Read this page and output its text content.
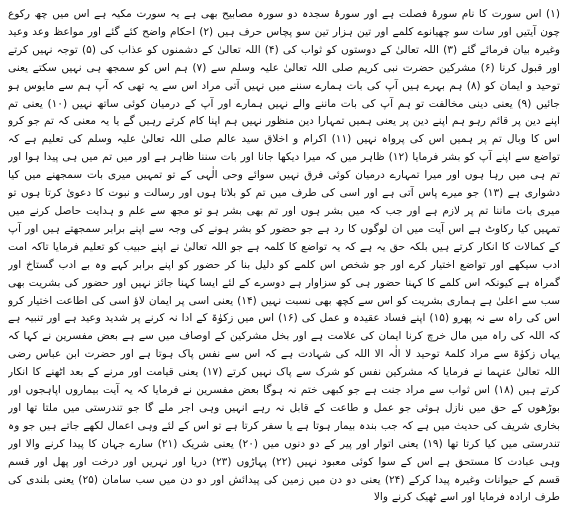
(۱) اس سورت کا نام سورۂ فصلت ہے اور سورۂ سجدہ دو سورہ مصابیح بھی ہے یہ سورت مکیہ ہے اس میں چھ رکوع چون آیتیں اور سات سو چھیانوے کلمے اور تین ہزار تین سو پچاس حرف ہیں (۲) احکام واضح کئے گئے اور مواعظ وعد وعید وغیرہ بیان فرمائے گئے (۳) اللہ تعالیٰ کے دوستوں کو ثواب کی (۴) اللہ تعالیٰ کے دشمنوں کو عذاب کی (۵) توجہ نہیں کرتے اور قبول کرنا (۶) مشرکین حضرت نبی کریم صلی اللہ تعالیٰ علیہ وسلم سے (۷) ہم اس کو سمجھ ہی نہیں سکتے یعنی توحید و ایمان کو (۸) ہم بہرے ہیں آپ کی بات ہمارے سننے میں نہیں آتی مراد اس سے یہ تھی کہ آپ ہم سے مایوس ہو جائیں (۹) یعنی دینی مخالفت تو ہم آپ کی بات ماننے والے نہیں ہمارے اور آپ کے درمیان کوئی ساتھ نہیں (۱۰) یعنی تم اپنے دین پر قائم رہو ہم اپنے دین پر یعنی ہمیں تمہارا دین منظور نہیں ہم اپنا کام کرتے رہیں گے یا یہ معنی کہ تم جو کرو اس کا وبال تم پر ہمیں اس کی پرواہ نہیں (۱۱) اکرام و اخلاق سید عالم صلی اللہ تعالیٰ علیہ وسلم کی تعلیم ہے کہ تواضع سے اپنے آپ کو بشر فرمایا (۱۲) ظاہر میں کہ میرا دیکھا جانا اور بات سننا ظاہر ہے اور میں تم میں ہی پیدا ہوا اور تم ہی میں رہا ہوں اور میرا تمہارے درمیان کوئی فرق نہیں سوائے وحی الٰہی کے تو تمہیں میری بات سمجھنے میں کیا دشواری ہے (۱۳) جو میرے پاس آتی ہے اور اسی کی طرف میں تم کو بلاتا ہوں اور رسالت و نبوت کا دعویٰ کرتا ہوں تو میری بات ماننا تم پر لازم ہے اور جب کہ میں بشر ہوں اور تم بھی بشر ہو تو مجھ سے علم و ہدایت حاصل کرنے میں تمہیں کیا رکاوٹ ہے اس آیت میں ان لوگوں کا رد ہے جو حضور کو بشر ہونے کی وجہ سے اپنے برابر سمجھتے ہیں اور آپ کے کمالات کا انکار کرتے ہیں بلکہ حق یہ ہے کہ یہ تواضع کا کلمہ ہے جو اللہ تعالیٰ نے اپنے حبیب کو تعلیم فرمایا تاکہ امت ادب سیکھے اور تواضع اختیار کرے اور جو شخص اس کلمے کو دلیل بنا کر حضور کو اپنے برابر کہے وہ بے ادب گستاخ اور گمراہ ہے کیونکہ اس کلمے کا کہنا حضور ہی کو سزاوار ہے دوسرے کے لئے ایسا کہنا جائز نہیں اور حضور کی بشریت بھی سب سے اعلیٰ ہے ہماری بشریت کو اس سے کچھ بھی نسبت نہیں (۱۴) یعنی اسی پر ایمان لاؤ اسی کی اطاعت اختیار کرو اس کی راہ سے نہ پھرو (۱۵) اپنے فساد عقیدہ و عمل کی (۱۶) اس میں زکوٰۃ کے ادا نہ کرنے پر شدید وعید ہے اور تنبیہ ہے کہ اللہ کی راہ میں مال خرچ کرنا ایمان کی علامت ہے اور بخل مشرکین کے اوصاف میں سے ہے بعض مفسرین نے کہا کہ یہاں زکوٰۃ سے مراد کلمۂ توحید لا الٰہ الا اللہ کی شہادت ہے کہ اس سے نفس پاک ہوتا ہے اور حضرت ابن عباس رضی اللہ تعالیٰ عنہما نے فرمایا کہ مشرکین نفس کو شرک سے پاک نہیں کرتے (۱۷) یعنی قیامت اور مرنے کے بعد اٹھنے کا انکار کرتے ہیں (۱۸) اس ثواب سے مراد جنت ہے جو کبھی ختم نہ ہوگا بعض مفسرین نے فرمایا کہ یہ آیت بیماروں اپاہجوں اور بوڑھوں کے حق میں نازل ہوئی جو عمل و طاعت کے قابل نہ رہے انہیں وہی اجر ملے گا جو تندرستی میں ملتا تھا اور بخاری شریف کی حدیث میں ہے کہ جب بندہ بیمار ہوتا ہے یا سفر کرتا ہے تو اس کے لئے وہی اعمال لکھے جاتے ہیں جو وہ تندرستی میں کیا کرتا تھا (۱۹) یعنی اتوار اور پیر کے دو دنوں میں (۲۰) یعنی شریک (۲۱) سارے جہان کا پیدا کرنے والا اور وہی عبادت کا مستحق ہے اس کے سوا کوئی معبود نہیں (۲۲) پہاڑوں (۲۳) دریا اور نہریں اور درخت اور پھل اور قسم قسم کے حیوانات وغیرہ پیدا کرکے (۲۴) یعنی دو دن میں زمین کی پیدائش اور دو دن میں سب سامان (۲۵) یعنی بلندی کی طرف ارادہ فرمایا اور اسے ٹھیک کرنے والا
